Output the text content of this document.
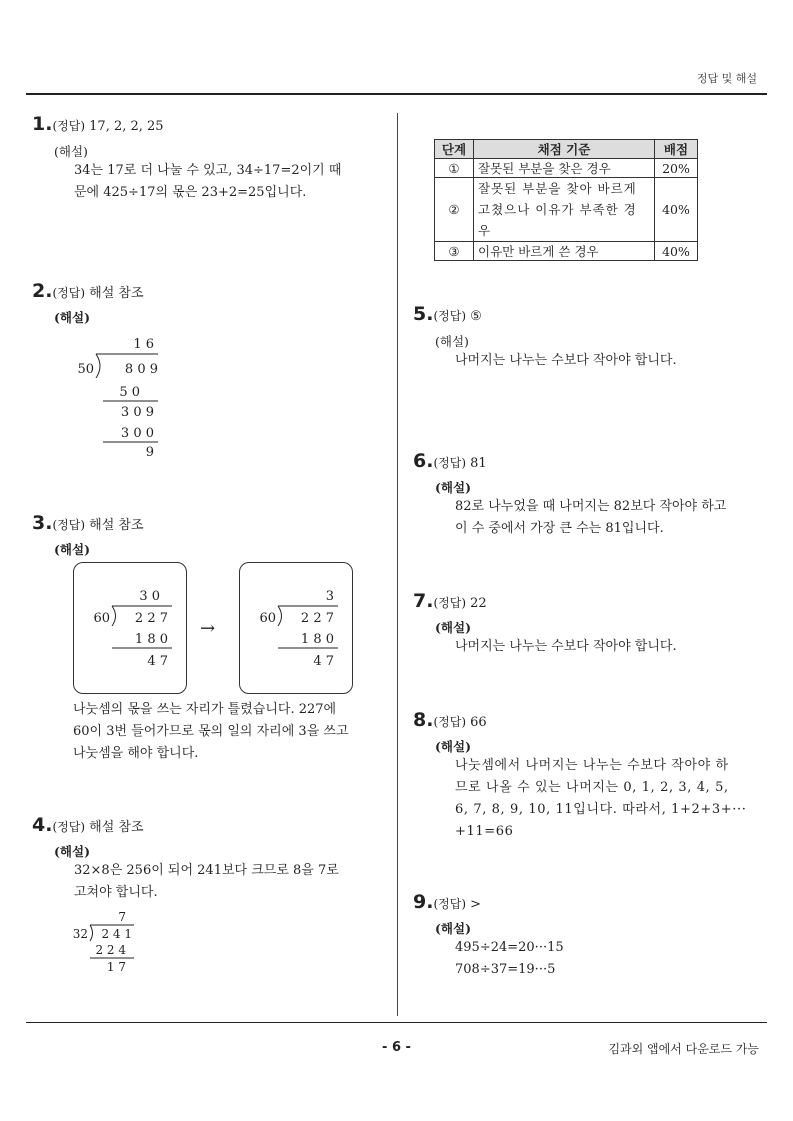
정답 및 해설
- 6 -	김과외 앱에서 다운로드 가능
1.(정답) 17, 2, 2, 25
(해설)
34는 17로 더 나눌 수 있고, 34÷17=2이기 때
문에 425÷17의 몫은 23+2=25입니다.
2.(정답) 해설 참조
(해설)
1 6
50 8 0 9
5 0
3 0 9
3 0 0
9
3.(정답) 해설 참조
(해설)
3 0
60 2 2 7
1 8 0
4 7
→
3
60 2 2 7
1 8 0
4 7
나눗셈의 몫을 쓰는 자리가 틀렸습니다. 227에
60이 3번 들어가므로 몫의 일의 자리에 3을 쓰고
나눗셈을 해야 합니다.
4.(정답) 해설 참조
(해설)
32×8은 256이 되어 241보다 크므로 8을 7로
고쳐야 합니다.
7
32 2 4 1
2 2 4
1 7
단계	채점 기준	배점
①	잘못된 부분을 찾은 경우	20%
②	잘못된 부분을 찾아 바르게
고쳤으나 이유가 부족한 경
우	40%
③	이유만 바르게 쓴 경우	40%
5.(정답) ⑤
(해설)
나머지는 나누는 수보다 작아야 합니다.
6.(정답) 81
(해설)
82로 나누었을 때 나머지는 82보다 작아야 하고
이 수 중에서 가장 큰 수는 81입니다.
7.(정답) 22
(해설)
나머지는 나누는 수보다 작아야 합니다.
8.(정답) 66
(해설)
나눗셈에서 나머지는 나누는 수보다 작아야 하
므로 나올 수 있는 나머지는 0, 1, 2, 3, 4, 5,
6, 7, 8, 9, 10, 11입니다. 따라서, 1+2+3+···
+11=66
9.(정답) >
(해설)
495÷24=20···15
708÷37=19···5
